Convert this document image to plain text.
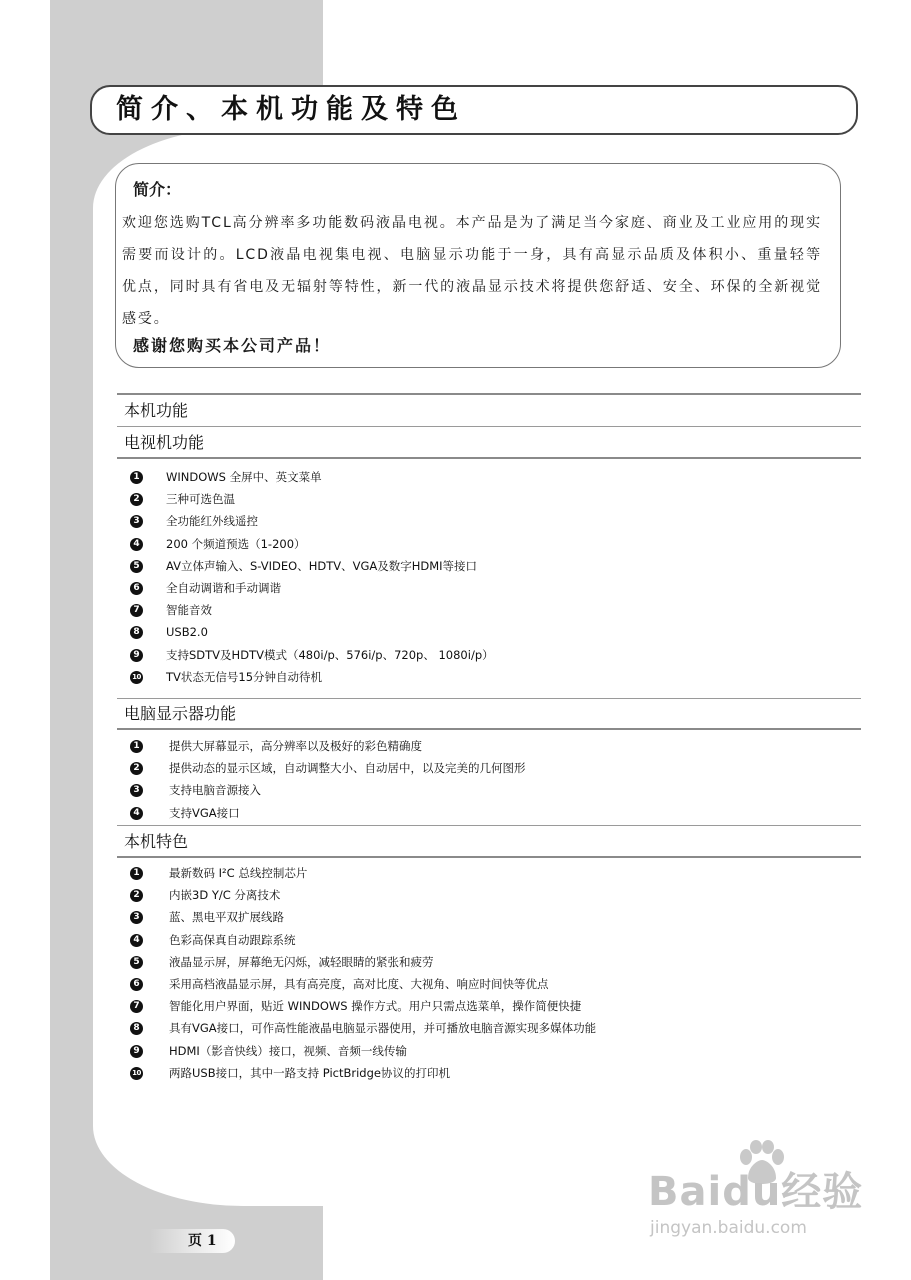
简介、本机功能及特色
简介：
欢迎您选购TCL高分辨率多功能数码液晶电视。本产品是为了满足当今家庭、商业及工业应用的现实需要而设计的。LCD液晶电视集电视、电脑显示功能于一身，具有高显示品质及体积小、重量轻等优点，同时具有省电及无辐射等特性，新一代的液晶显示技术将提供您舒适、安全、环保的全新视觉感受。
感谢您购买本公司产品！
本机功能
电视机功能
1 WINDOWS 全屏中、英文菜单
2 三种可选色温
3 全功能红外线遥控
4 200 个频道预选（1-200）
5 AV立体声输入、S-VIDEO、HDTV、VGA及数字HDMI等接口
6 全自动调谐和手动调谐
7 智能音效
8 USB2.0
9 支持SDTV及HDTV模式（480i/p、576i/p、720p、 1080i/p）
10 TV状态无信号15分钟自动待机
电脑显示器功能
1	提供大屏幕显示，高分辨率以及极好的彩色精确度
2	提供动态的显示区域，自动调整大小、自动居中，以及完美的几何图形
3	支持电脑音源接入
4	支持VGA接口
本机特色
1	最新数码 I²C 总线控制芯片
2	内嵌3D Y/C 分离技术
3	蓝、黑电平双扩展线路
4	色彩高保真自动跟踪系统
5	液晶显示屏，屏幕绝无闪烁，减轻眼睛的紧张和疲劳
6	采用高档液晶显示屏，具有高亮度，高对比度、大视角、响应时间快等优点
7	智能化用户界面，贴近 WINDOWS 操作方式。用户只需点选菜单，操作简便快捷
8	具有VGA接口，可作高性能液晶电脑显示器使用，并可播放电脑音源实现多媒体功能
9	HDMI（影音快线）接口，视频、音频一线传输
10 两路USB接口，其中一路支持 PictBridge协议的打印机
页 1
Baidu经验
jingyan.baidu.com
